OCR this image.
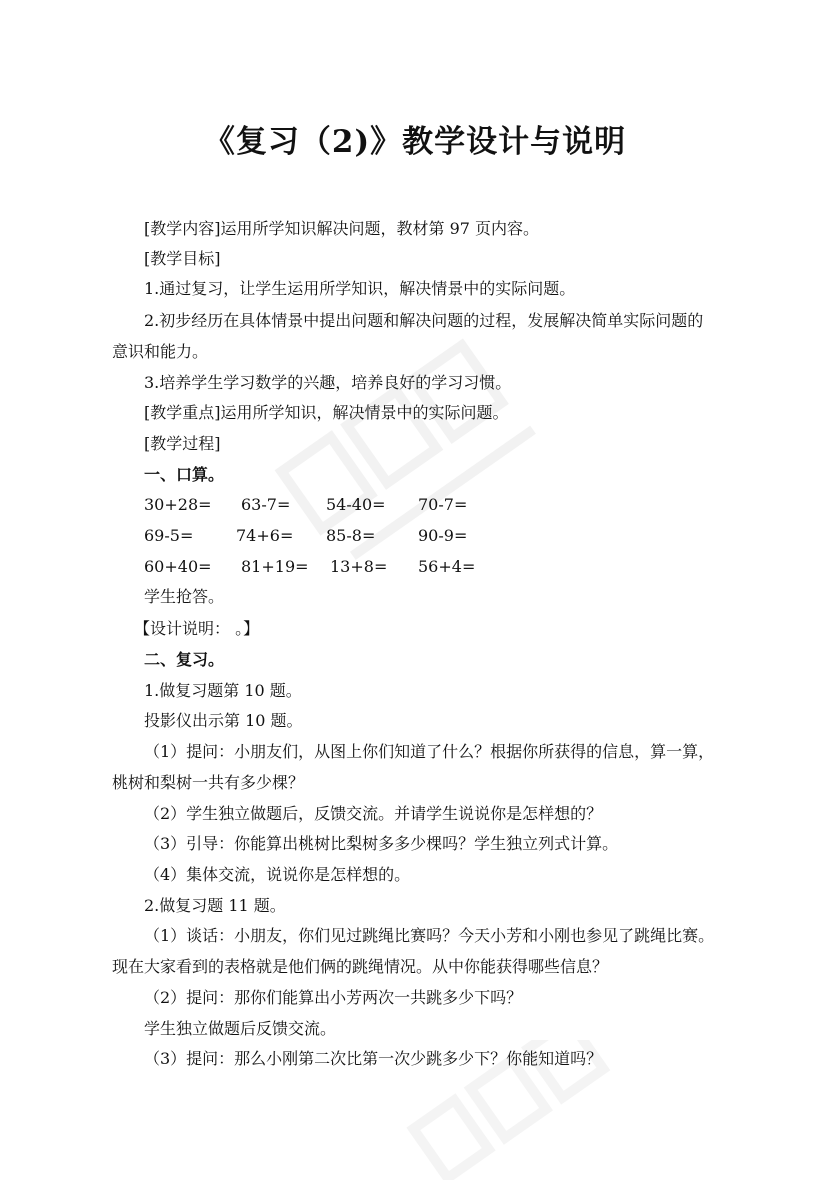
《复习（2)》教学设计与说明
[教学内容]运用所学知识解决问题，教材第 97 页内容。
[教学目标]
1.通过复习，让学生运用所学知识，解决情景中的实际问题。
2.初步经历在具体情景中提出问题和解决问题的过程，发展解决简单实际问题的
意识和能力。
3.培养学生学习数学的兴趣，培养良好的学习习惯。
[教学重点]运用所学知识，解决情景中的实际问题。
[教学过程]
一、口算。
30+28= 63-7= 54-40= 70-7=
69-5=	74+6= 85-8=	90-9=
60+40= 81+19= 13+8= 56+4=
学生抢答。
【设计说明： 。】
二、复习。
1.做复习题第 10 题。
投影仪出示第 10 题。
（1）提问：小朋友们，从图上你们知道了什么？根据你所获得的信息，算一算，
桃树和梨树一共有多少棵？
（2）学生独立做题后，反馈交流。并请学生说说你是怎样想的？
（3）引导：你能算出桃树比梨树多多少棵吗？学生独立列式计算。
（4）集体交流，说说你是怎样想的。
2.做复习题 11 题。
（1）谈话：小朋友，你们见过跳绳比赛吗？今天小芳和小刚也参见了跳绳比赛。
现在大家看到的表格就是他们俩的跳绳情况。从中你能获得哪些信息？
（2）提问：那你们能算出小芳两次一共跳多少下吗？
学生独立做题后反馈交流。
（3）提问：那么小刚第二次比第一次少跳多少下？你能知道吗？
